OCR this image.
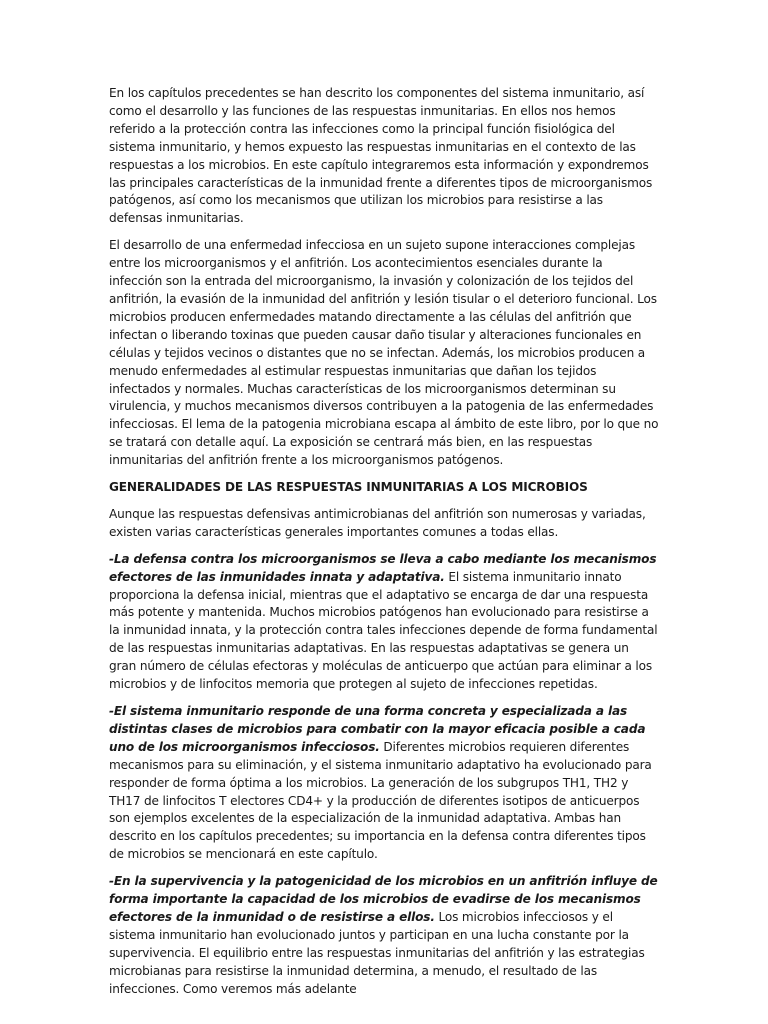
En los capítulos precedentes se han descrito los componentes del sistema inmunitario, así como el desarrollo y las funciones de las respuestas inmunitarias. En ellos nos hemos referido a la protección contra las infecciones como la principal función fisiológica del sistema inmunitario, y hemos expuesto las respuestas inmunitarias en el contexto de las respuestas a los microbios. En este capítulo integraremos esta información y expondremos las principales características de la inmunidad frente a diferentes tipos de microorganismos patógenos, así como los mecanismos que utilizan los microbios para resistirse a las defensas inmunitarias.

El desarrollo de una enfermedad infecciosa en un sujeto supone interacciones complejas entre los microorganismos y el anfitrión. Los acontecimientos esenciales durante la infección son la entrada del microorganismo, la invasión y colonización de los tejidos del anfitrión, la evasión de la inmunidad del anfitrión y lesión tisular o el deterioro funcional. Los microbios producen enfermedades matando directamente a las células del anfitrión que infectan o liberando toxinas que pueden causar daño tisular y alteraciones funcionales en células y tejidos vecinos o distantes que no se infectan. Además, los microbios producen a menudo enfermedades al estimular respuestas inmunitarias que dañan los tejidos infectados y normales. Muchas características de los microorganismos determinan su virulencia, y muchos mecanismos diversos contribuyen a la patogenia de las enfermedades infecciosas. El lema de la patogenia microbiana escapa al ámbito de este libro, por lo que no se tratará con detalle aquí. La exposición se centrará más bien, en las respuestas inmunitarias del anfitrión frente a los microorganismos patógenos.

GENERALIDADES DE LAS RESPUESTAS INMUNITARIAS A LOS MICROBIOS

Aunque las respuestas defensivas antimicrobianas del anfitrión son numerosas y variadas, existen varias características generales importantes comunes a todas ellas.

-La defensa contra los microorganismos se lleva a cabo mediante los mecanismos efectores de las inmunidades innata y adaptativa. El sistema inmunitario innato proporciona la defensa inicial, mientras que el adaptativo se encarga de dar una respuesta más potente y mantenida. Muchos microbios patógenos han evolucionado para resistirse a la inmunidad innata, y la protección contra tales infecciones depende de forma fundamental de las respuestas inmunitarias adaptativas. En las respuestas adaptativas se genera un gran número de células efectoras y moléculas de anticuerpo que actúan para eliminar a los microbios y de linfocitos memoria que protegen al sujeto de infecciones repetidas.

-El sistema inmunitario responde de una forma concreta y especializada a las distintas clases de microbios para combatir con la mayor eficacia posible a cada uno de los microorganismos infecciosos. Diferentes microbios requieren diferentes mecanismos para su eliminación, y el sistema inmunitario adaptativo ha evolucionado para responder de forma óptima a los microbios. La generación de los subgrupos TH1, TH2 y TH17 de linfocitos T electores CD4+ y la producción de diferentes isotipos de anticuerpos son ejemplos excelentes de la especialización de la inmunidad adaptativa. Ambas han descrito en los capítulos precedentes; su importancia en la defensa contra diferentes tipos de microbios se mencionará en este capítulo.

-En la supervivencia y la patogenicidad de los microbios en un anfitrión influye de forma importante la capacidad de los microbios de evadirse de los mecanismos efectores de la inmunidad o de resistirse a ellos. Los microbios infecciosos y el sistema inmunitario han evolucionado juntos y participan en una lucha constante por la supervivencia. El equilibrio entre las respuestas inmunitarias del anfitrión y las estrategias microbianas para resistirse la inmunidad determina, a menudo, el resultado de las infecciones. Como veremos más adelante
